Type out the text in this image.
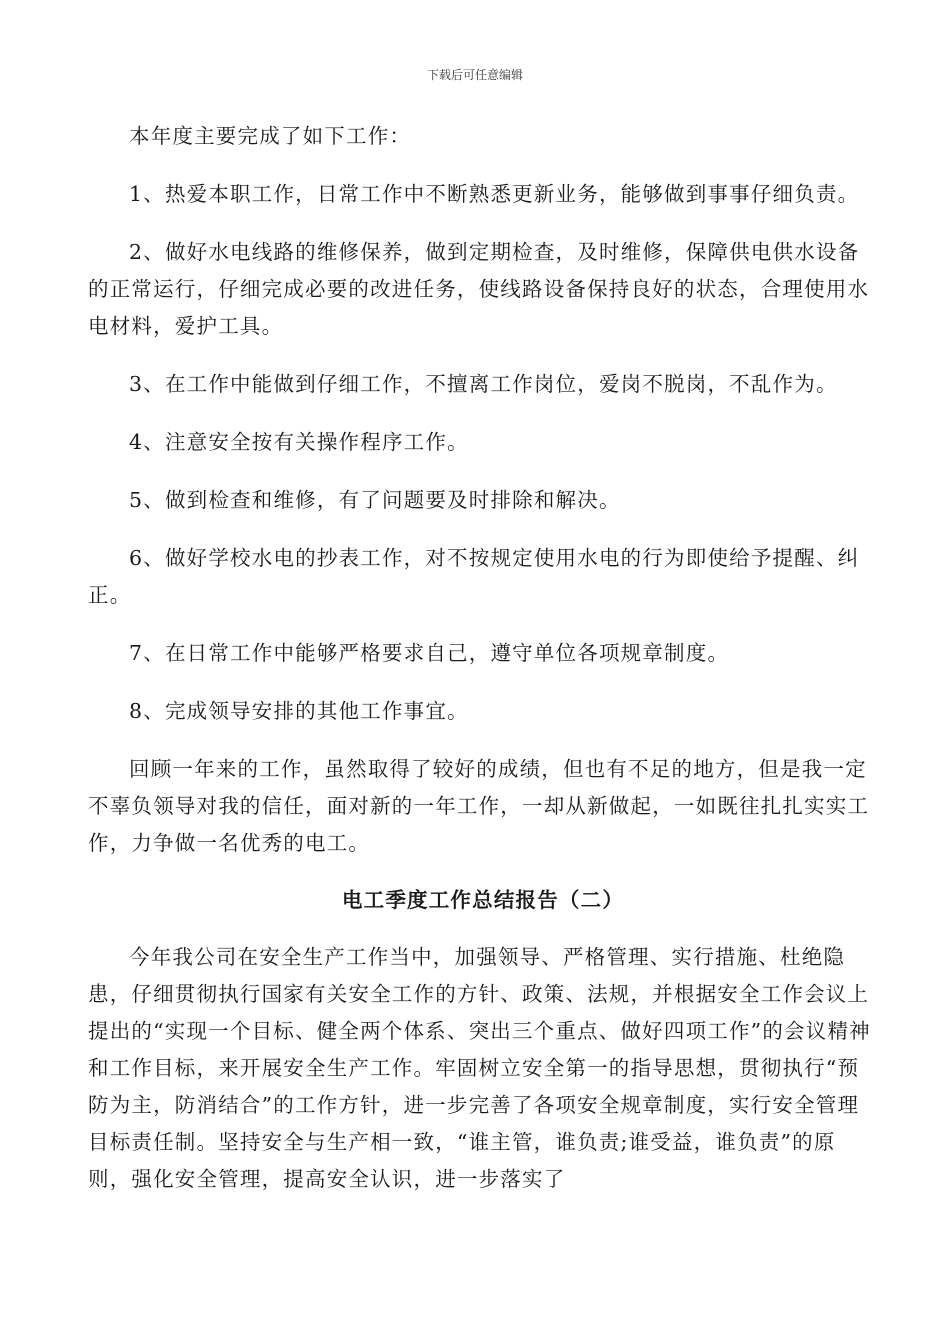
下载后可任意编辑

本年度主要完成了如下工作：

1、热爱本职工作，日常工作中不断熟悉更新业务，能够做到事事仔细负责。

2、做好水电线路的维修保养，做到定期检查，及时维修，保障供电供水设备的正常运行，仔细完成必要的改进任务，使线路设备保持良好的状态，合理使用水电材料，爱护工具。

3、在工作中能做到仔细工作，不擅离工作岗位，爱岗不脱岗，不乱作为。

4、注意安全按有关操作程序工作。

5、做到检查和维修，有了问题要及时排除和解决。

6、做好学校水电的抄表工作，对不按规定使用水电的行为即使给予提醒、纠正。

7、在日常工作中能够严格要求自己，遵守单位各项规章制度。

8、完成领导安排的其他工作事宜。

回顾一年来的工作，虽然取得了较好的成绩，但也有不足的地方，但是我一定不辜负领导对我的信任，面对新的一年工作，一却从新做起，一如既往扎扎实实工作，力争做一名优秀的电工。

电工季度工作总结报告（二）

今年我公司在安全生产工作当中，加强领导、严格管理、实行措施、杜绝隐患，仔细贯彻执行国家有关安全工作的方针、政策、法规，并根据安全工作会议上提出的“实现一个目标、健全两个体系、突出三个重点、做好四项工作”的会议精神和工作目标，来开展安全生产工作。牢固树立安全第一的指导思想，贯彻执行“预防为主，防消结合”的工作方针，进一步完善了各项安全规章制度，实行安全管理目标责任制。坚持安全与生产相一致，“谁主管，谁负责;谁受益，谁负责”的原则，强化安全管理，提高安全认识，进一步落实了
